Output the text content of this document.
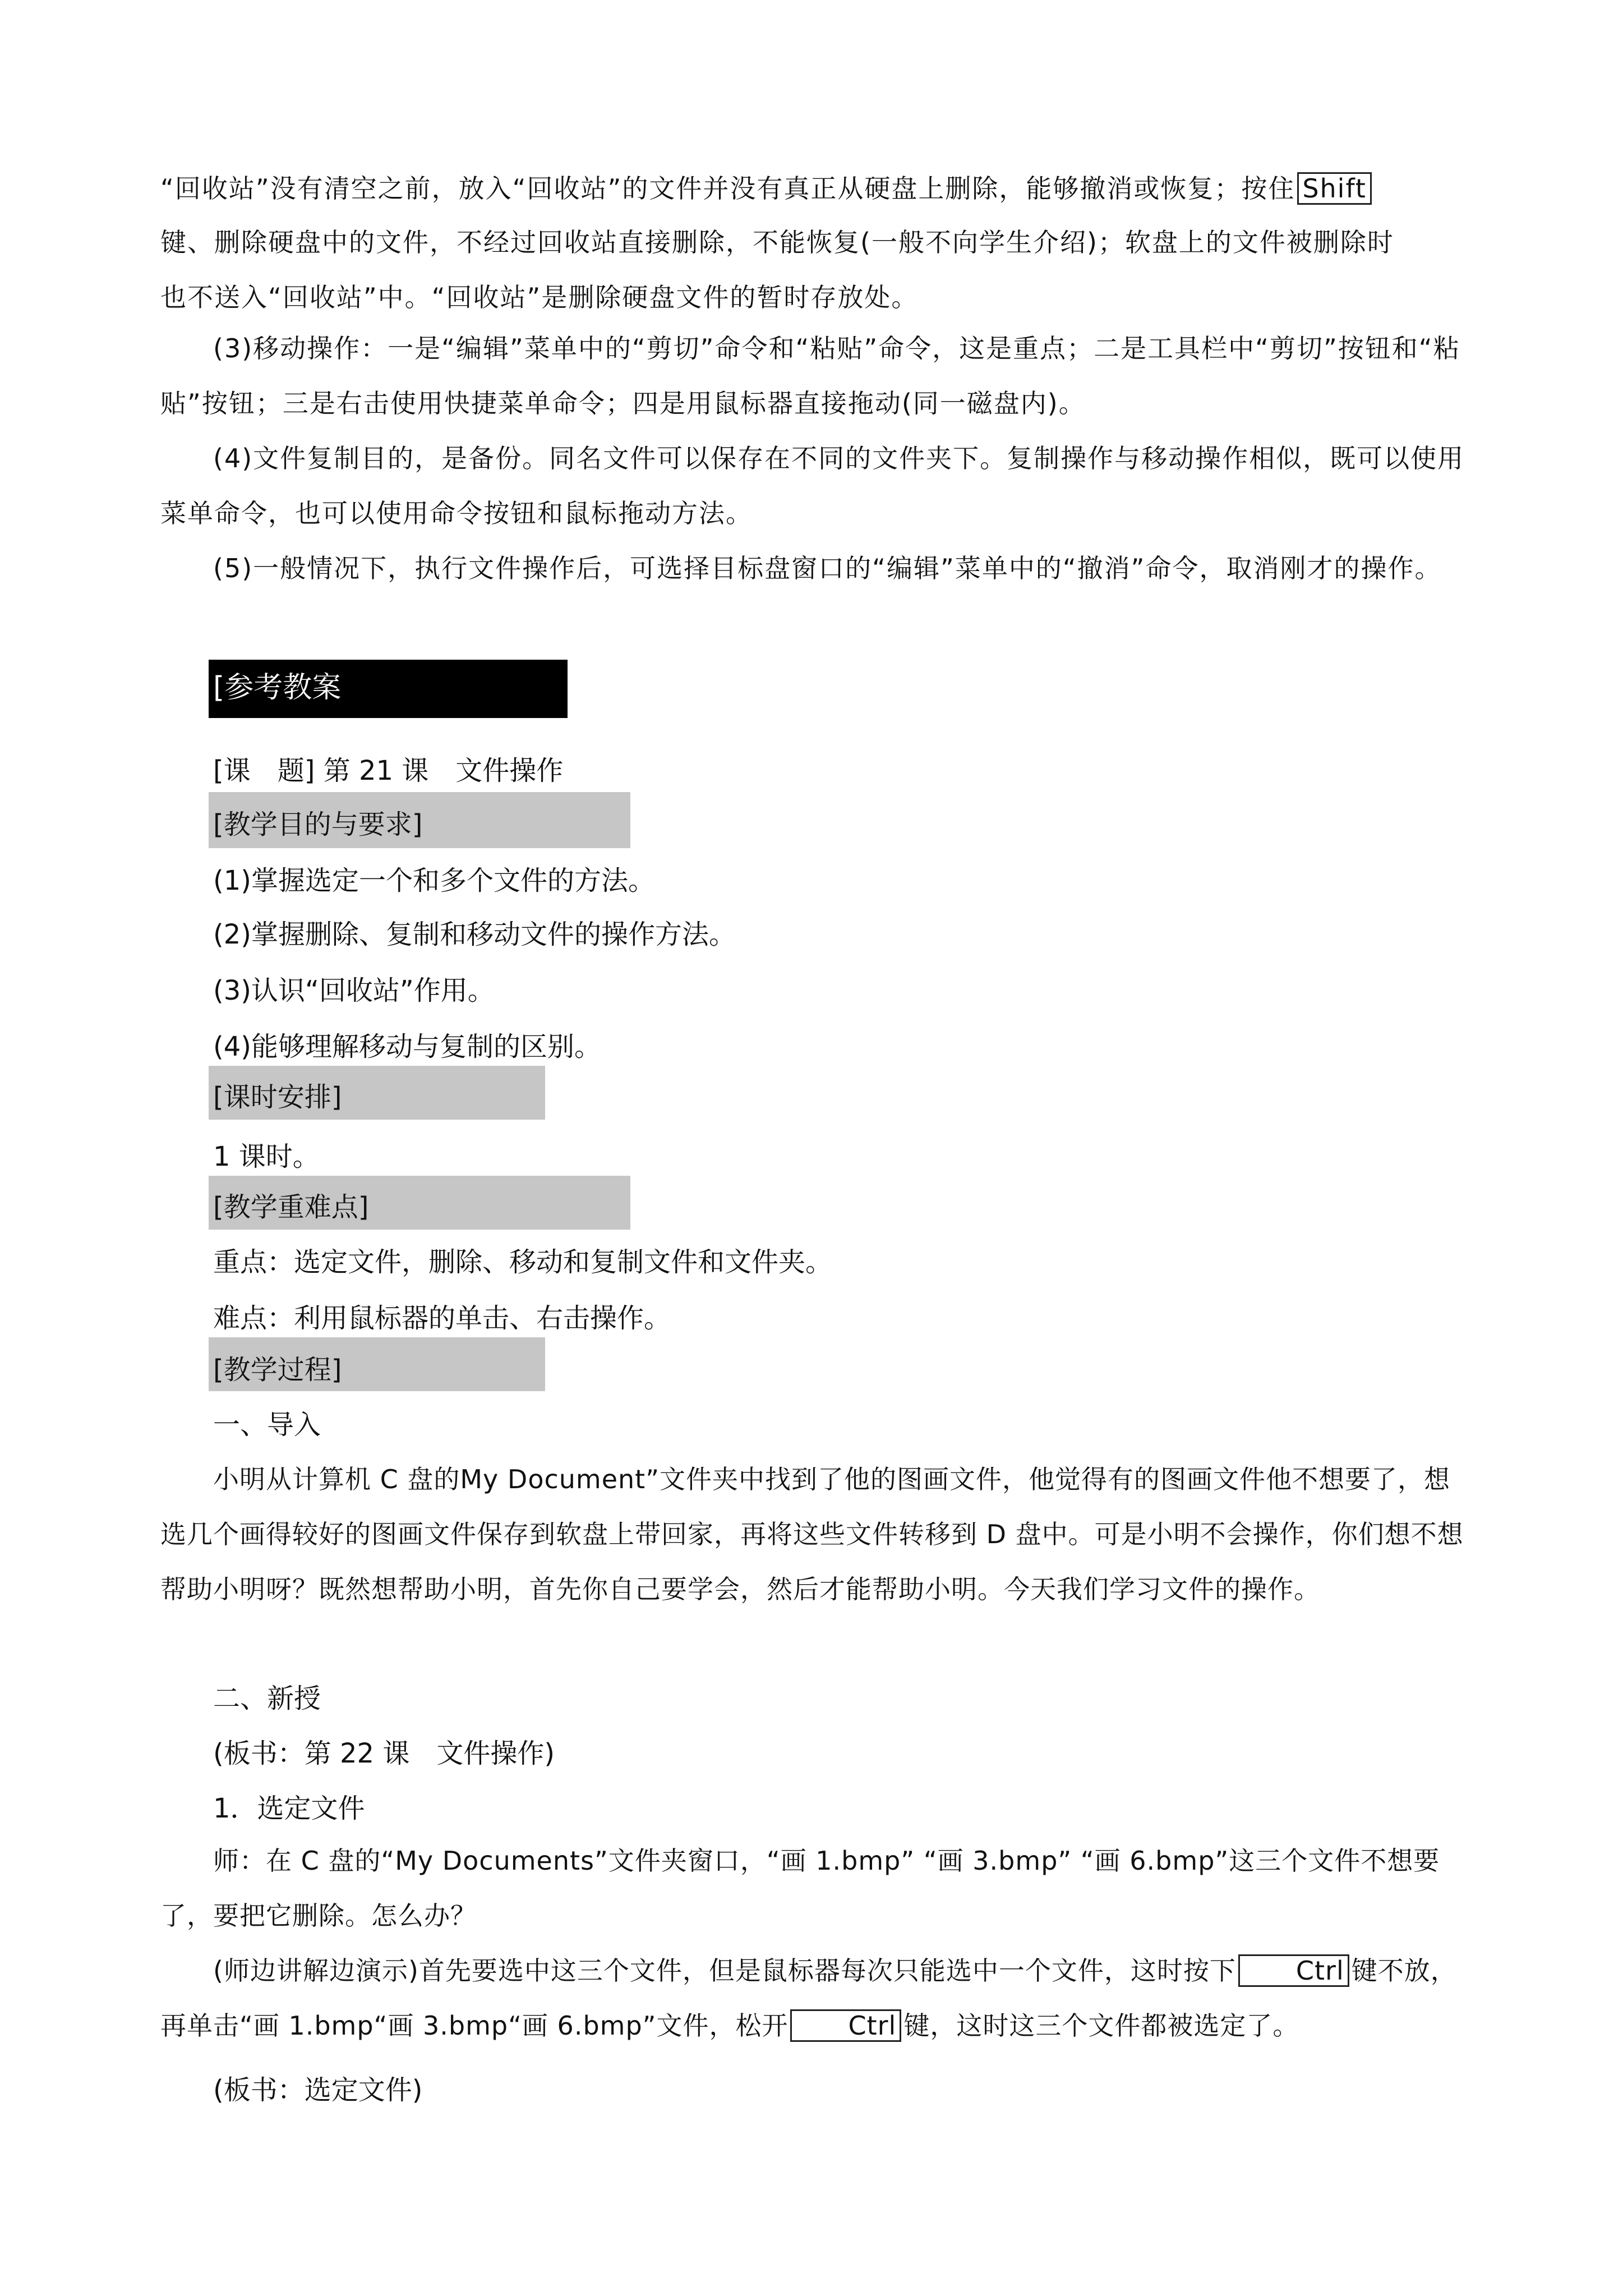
“回收站”没有清空之前，放入“回收站”的文件并没有真正从硬盘上删除，能够撤消或恢复；按住 Shift
键、删除硬盘中的文件，不经过回收站直接删除，不能恢复(一般不向学生介绍)；软盘上的文件被删除时
也不送入“回收站”中。“回收站”是删除硬盘文件的暂时存放处。
(3)移动操作：一是“编辑”菜单中的“剪切”命令和“粘贴”命令，这是重点；二是工具栏中“剪切”按钮和“粘贴”按钮；三是右击使用快捷菜单命令；四是用鼠标器直接拖动(同一磁盘内)。
(4)文件复制目的，是备份。同名文件可以保存在不同的文件夹下。复制操作与移动操作相似，既可以使用菜单命令，也可以使用命令按钮和鼠标拖动方法。
(5)一般情况下，执行文件操作后，可选择目标盘窗口的“编辑”菜单中的“撤消”命令，取消刚才的操作。
[参考教案
[课　题] 第 21 课　文件操作
[教学目的与要求]
(1)掌握选定一个和多个文件的方法。
(2)掌握删除、复制和移动文件的操作方法。
(3)认识“回收站”作用。
(4)能够理解移动与复制的区别。
[课时安排]
1 课时。
[教学重难点]
重点：选定文件，删除、移动和复制文件和文件夹。
难点：利用鼠标器的单击、右击操作。
[教学过程]
一、导入
小明从计算机 C 盘的My Document”文件夹中找到了他的图画文件，他觉得有的图画文件他不想要了，想选几个画得较好的图画文件保存到软盘上带回家，再将这些文件转移到 D 盘中。可是小明不会操作，你们想不想帮助小明呀？既然想帮助小明，首先你自己要学会，然后才能帮助小明。今天我们学习文件的操作。
二、新授
(板书：第 22 课　文件操作)
1．选定文件
师：在 C 盘的“My Documents”文件夹窗口，“画 1.bmp” “画 3.bmp” “画 6.bmp”这三个文件不想要了，要把它删除。怎么办？
(师边讲解边演示)首先要选中这三个文件，但是鼠标器每次只能选中一个文件，这时按下 Ctrl 键不放，再单击“画 1.bmp“画 3.bmp“画 6.bmp”文件，松开 Ctrl 键，这时这三个文件都被选定了。
(板书：选定文件)
